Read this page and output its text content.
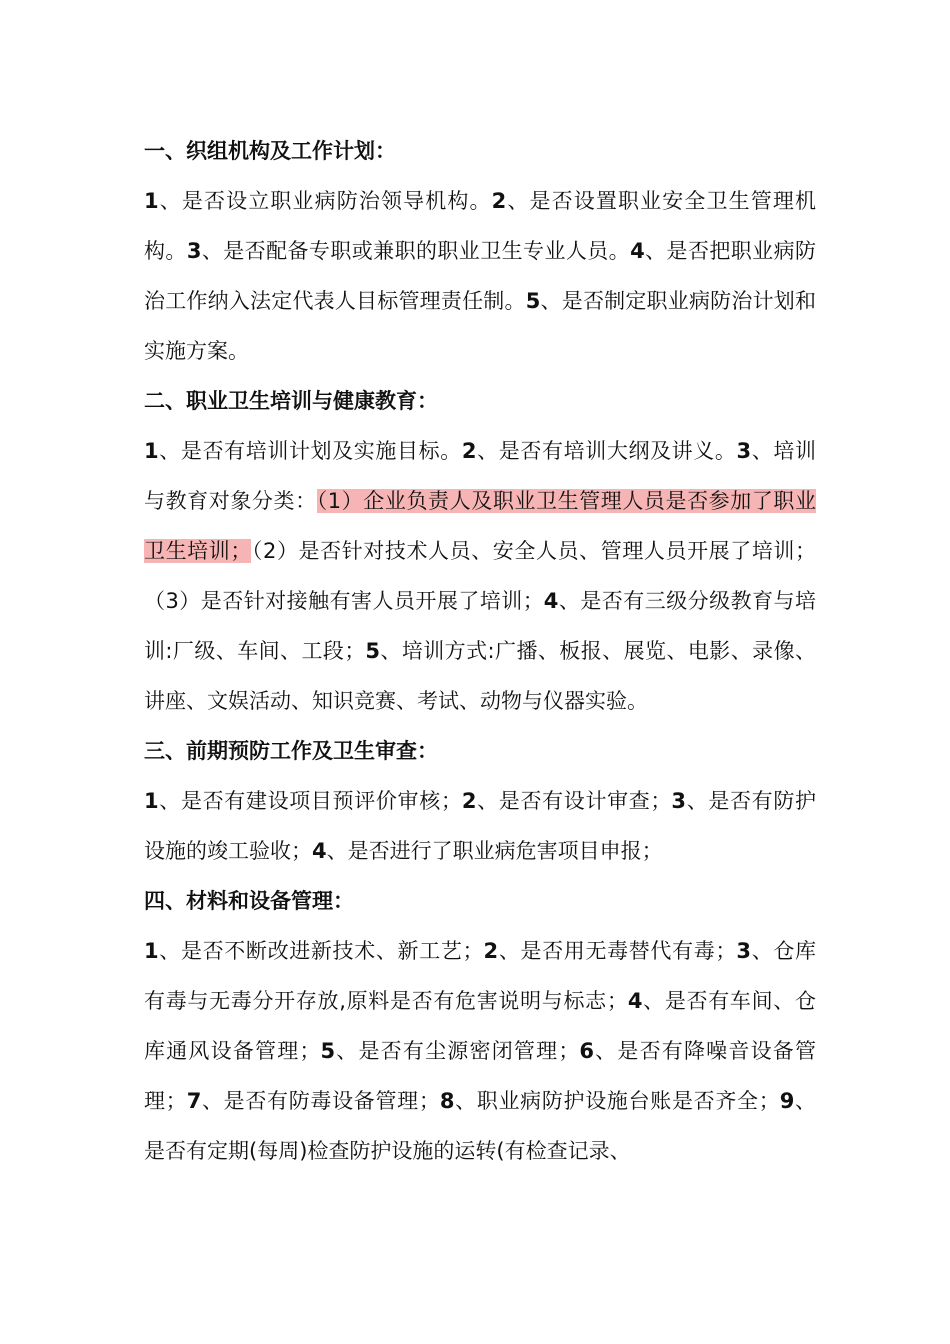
一、织组机构及工作计划：

1、是否设立职业病防治领导机构。2、是否设置职业安全卫生管理机构。3、是否配备专职或兼职的职业卫生专业人员。4、是否把职业病防治工作纳入法定代表人目标管理责任制。5、是否制定职业病防治计划和实施方案。

二、职业卫生培训与健康教育：

1、是否有培训计划及实施目标。2、是否有培训大纲及讲义。3、培训与教育对象分类：（1）企业负责人及职业卫生管理人员是否参加了职业卫生培训；（2）是否针对技术人员、安全人员、管理人员开展了培训；（3）是否针对接触有害人员开展了培训；4、是否有三级分级教育与培训:厂级、车间、工段；5、培训方式:广播、板报、展览、电影、录像、讲座、文娱活动、知识竞赛、考试、动物与仪器实验。

三、前期预防工作及卫生审查：

1、是否有建设项目预评价审核；2、是否有设计审查；3、是否有防护设施的竣工验收；4、是否进行了职业病危害项目申报；

四、材料和设备管理：

1、是否不断改进新技术、新工艺；2、是否用无毒替代有毒；3、仓库有毒与无毒分开存放,原料是否有危害说明与标志；4、是否有车间、仓库通风设备管理；5、是否有尘源密闭管理；6、是否有降噪音设备管理；7、是否有防毒设备管理；8、职业病防护设施台账是否齐全；9、是否有定期(每周)检查防护设施的运转(有检查记录、
